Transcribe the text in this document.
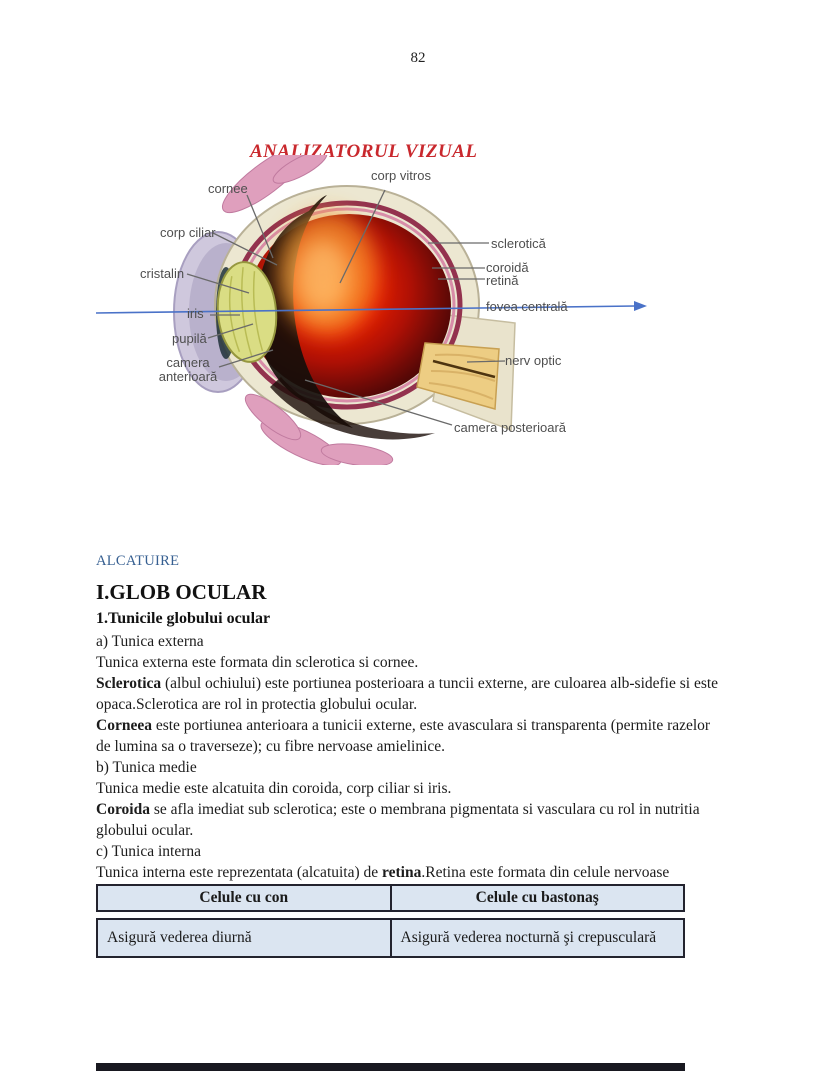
82
ANALIZATORUL VIZUAL
cornee
corp ciliar
cristalin
iris
pupilă
camera anterioară
corp vitros
sclerotică
coroidă
retină
fovea centrală
nerv optic
camera posterioară

ALCATUIRE

I.GLOB OCULAR

1.Tunicile globului ocular

a) Tunica externa

Tunica externa este formata din sclerotica si cornee.

Sclerotica (albul ochiului) este portiunea posterioara a tuncii externe, are culoarea alb-sidefie si este opaca.Sclerotica are rol in protectia globului ocular.

Corneea este portiunea anterioara a tunicii externe, este avasculara si transparenta (permite razelor de lumina sa o traverseze); cu fibre nervoase amielinice.

b) Tunica medie

Tunica medie este alcatuita din coroida, corp ciliar si iris.

Coroida se afla imediat sub sclerotica; este o membrana pigmentata si vasculara cu rol in nutritia globului ocular.

c) Tunica interna

Tunica interna este reprezentata (alcatuita) de retina.Retina este formata din celule nervoase

Celule cu con	Celule cu bastonaş
Asigură vederea diurnă	Asigură vederea nocturnă şi crepusculară
